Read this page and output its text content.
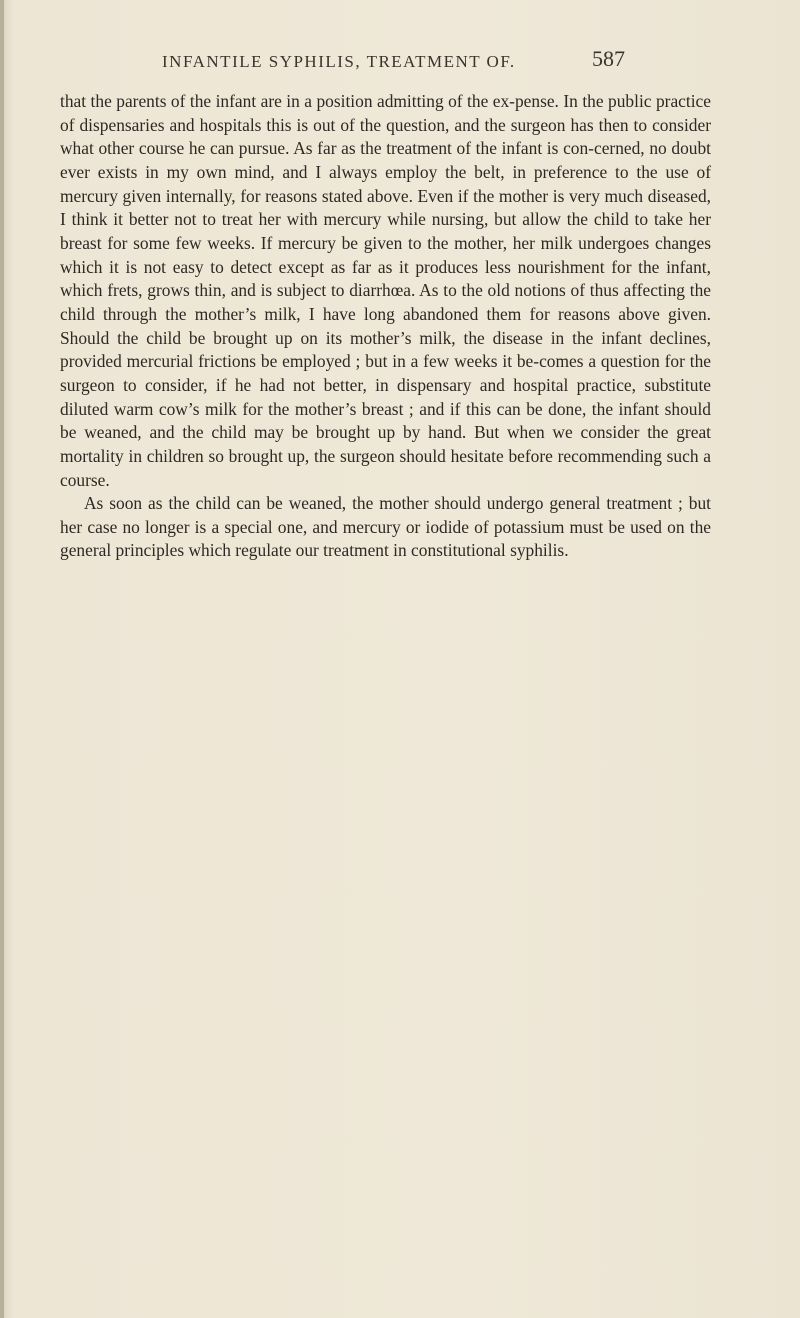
INFANTILE SYPHILIS, TREATMENT OF.	587

that the parents of the infant are in a position admitting of the ex-pense. In the public practice of dispensaries and hospitals this is out of the question, and the surgeon has then to consider what other course he can pursue. As far as the treatment of the infant is con-cerned, no doubt ever exists in my own mind, and I always employ the belt, in preference to the use of mercury given internally, for reasons stated above. Even if the mother is very much diseased, I think it better not to treat her with mercury while nursing, but allow the child to take her breast for some few weeks. If mercury be given to the mother, her milk undergoes changes which it is not easy to detect except as far as it produces less nourishment for the infant, which frets, grows thin, and is subject to diarrhœa. As to the old notions of thus affecting the child through the mother’s milk, I have long abandoned them for reasons above given. Should the child be brought up on its mother’s milk, the disease in the infant declines, provided mercurial frictions be employed ; but in a few weeks it be-comes a question for the surgeon to consider, if he had not better, in dispensary and hospital practice, substitute diluted warm cow’s milk for the mother’s breast ; and if this can be done, the infant should be weaned, and the child may be brought up by hand. But when we consider the great mortality in children so brought up, the surgeon should hesitate before recommending such a course.

As soon as the child can be weaned, the mother should undergo general treatment ; but her case no longer is a special one, and mercury or iodide of potassium must be used on the general principles which regulate our treatment in constitutional syphilis.
